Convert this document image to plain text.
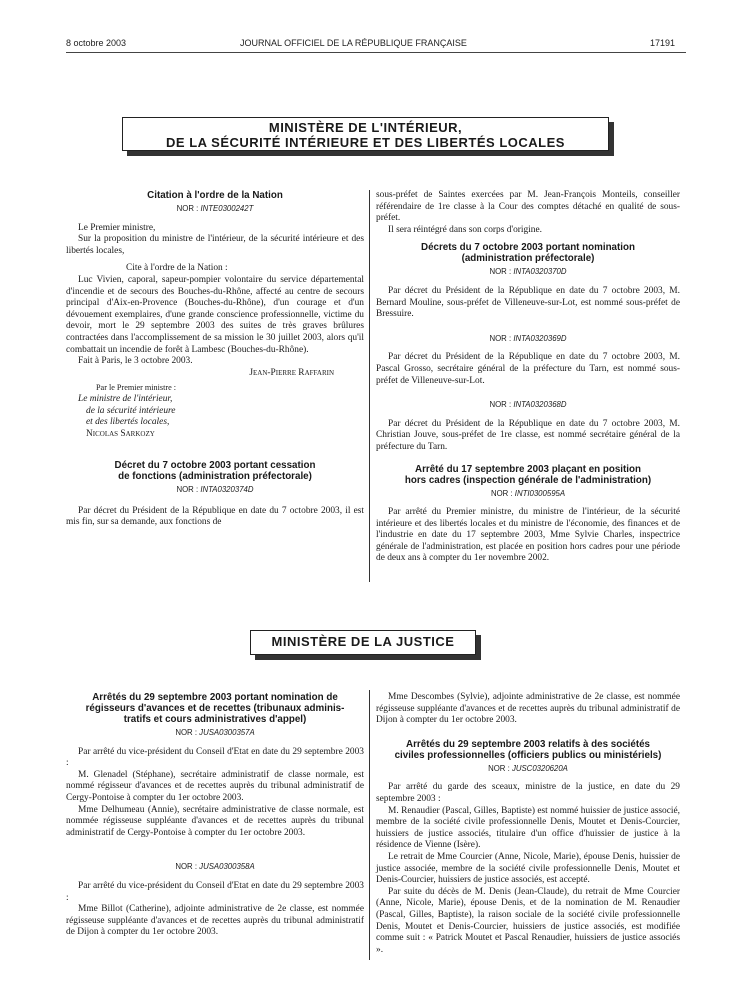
8 octobre 2003	JOURNAL OFFICIEL DE LA RÉPUBLIQUE FRANÇAISE	17191
MINISTÈRE DE L'INTÉRIEUR,
DE LA SÉCURITÉ INTÉRIEURE ET DES LIBERTÉS LOCALES
Citation à l'ordre de la Nation
NOR : INTE0300242T

Le Premier ministre,

Sur la proposition du ministre de l'intérieur, de la sécurité intérieure et des libertés locales,

Cite à l'ordre de la Nation :

Luc Vivien, caporal, sapeur-pompier volontaire du service départemental d'incendie et de secours des Bouches-du-Rhône, affecté au centre de secours principal d'Aix-en-Provence (Bouches-du-Rhône), d'un courage et d'un dévouement exemplaires, d'une grande conscience professionnelle, victime du devoir, mort le 29 septembre 2003 des suites de très graves brûlures contractées dans l'accomplissement de sa mission le 30 juillet 2003, alors qu'il combattait un incendie de forêt à Lambesc (Bouches-du-Rhône).

Fait à Paris, le 3 octobre 2003.

Jean-Pierre Raffarin
Par le Premier ministre :
Le ministre de l'intérieur,
de la sécurité intérieure
et des libertés locales,
Nicolas Sarkozy
Décret du 7 octobre 2003 portant cessation
de fonctions (administration préfectorale)
NOR : INTA0320374D

Par décret du Président de la République en date du 7 octobre 2003, il est mis fin, sur sa demande, aux fonctions de

sous-préfet de Saintes exercées par M. Jean-François Monteils, conseiller référendaire de 1re classe à la Cour des comptes détaché en qualité de sous-préfet.

Il sera réintégré dans son corps d'origine.

Décrets du 7 octobre 2003 portant nomination
(administration préfectorale)
NOR : INTA0320370D

Par décret du Président de la République en date du 7 octobre 2003, M. Bernard Mouline, sous-préfet de Villeneuve-sur-Lot, est nommé sous-préfet de Bressuire.

NOR : INTA0320369D

Par décret du Président de la République en date du 7 octobre 2003, M. Pascal Grosso, secrétaire général de la préfecture du Tarn, est nommé sous-préfet de Villeneuve-sur-Lot.

NOR : INTA0320368D

Par décret du Président de la République en date du 7 octobre 2003, M. Christian Jouve, sous-préfet de 1re classe, est nommé secrétaire général de la préfecture du Tarn.

Arrêté du 17 septembre 2003 plaçant en position
hors cadres (inspection générale de l'administration)
NOR : INTI0300595A

Par arrêté du Premier ministre, du ministre de l'intérieur, de la sécurité intérieure et des libertés locales et du ministre de l'économie, des finances et de l'industrie en date du 17 septembre 2003, Mme Sylvie Charles, inspectrice générale de l'administration, est placée en position hors cadres pour une période de deux ans à compter du 1er novembre 2002.

MINISTÈRE DE LA JUSTICE
Arrêtés du 29 septembre 2003 portant nomination de
régisseurs d'avances et de recettes (tribunaux adminis-
tratifs et cours administratives d'appel)
NOR : JUSA0300357A

Par arrêté du vice-président du Conseil d'Etat en date du 29 septembre 2003 :

M. Glenadel (Stéphane), secrétaire administratif de classe normale, est nommé régisseur d'avances et de recettes auprès du tribunal administratif de Cergy-Pontoise à compter du 1er octobre 2003.

Mme Delhumeau (Annie), secrétaire administrative de classe normale, est nommée régisseuse suppléante d'avances et de recettes auprès du tribunal administratif de Cergy-Pontoise à compter du 1er octobre 2003.

NOR : JUSA0300358A

Par arrêté du vice-président du Conseil d'Etat en date du 29 septembre 2003 :

Mme Billot (Catherine), adjointe administrative de 2e classe, est nommée régisseuse suppléante d'avances et de recettes auprès du tribunal administratif de Dijon à compter du 1er octobre 2003.

Mme Descombes (Sylvie), adjointe administrative de 2e classe, est nommée régisseuse suppléante d'avances et de recettes auprès du tribunal administratif de Dijon à compter du 1er octobre 2003.

Arrêtés du 29 septembre 2003 relatifs à des sociétés
civiles professionnelles (officiers publics ou ministériels)
NOR : JUSC0320620A

Par arrêté du garde des sceaux, ministre de la justice, en date du 29 septembre 2003 :

M. Renaudier (Pascal, Gilles, Baptiste) est nommé huissier de justice associé, membre de la société civile professionnelle Denis, Moutet et Denis-Courcier, huissiers de justice associés, titulaire d'un office d'huissier de justice à la résidence de Vienne (Isère).

Le retrait de Mme Courcier (Anne, Nicole, Marie), épouse Denis, huissier de justice associée, membre de la société civile professionnelle Denis, Moutet et Denis-Courcier, huissiers de justice associés, est accepté.

Par suite du décès de M. Denis (Jean-Claude), du retrait de Mme Courcier (Anne, Nicole, Marie), épouse Denis, et de la nomination de M. Renaudier (Pascal, Gilles, Baptiste), la raison sociale de la société civile professionnelle Denis, Moutet et Denis-Courcier, huissiers de justice associés, est modifiée comme suit : « Patrick Moutet et Pascal Renaudier, huissiers de justice associés ».
